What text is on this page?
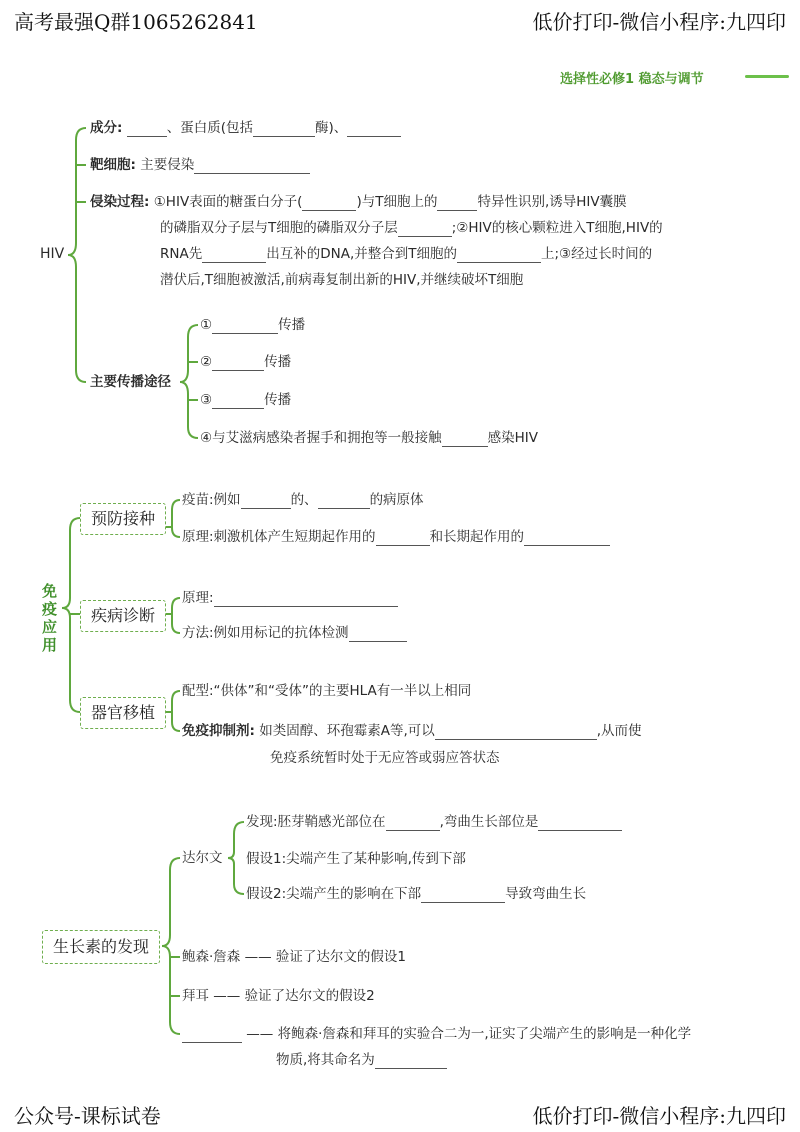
高考最强Q群1065262841	低价打印-微信小程序:九四印
选择性必修1 稳态与调节
公众号-课标试卷	低价打印-微信小程序:九四印
HIV
成分:	、蛋白质(包括	酶)、
靶细胞: 主要侵染
侵染过程: ①HIV表面的糖蛋白分子(	)与T细胞上的	特异性识别,诱导HIV囊膜
的磷脂双分子层与T细胞的磷脂双分子层	;②HIV的核心颗粒进入T细胞,HIV的
RNA先	出互补的DNA,并整合到T细胞的	上;③经过长时间的
潜伏后,T细胞被激活,前病毒复制出新的HIV,并继续破坏T细胞
主要传播途径
①	传播
②	传播
③	传播
④与艾滋病感染者握手和拥抱等一般接触	感染HIV
免疫应用
预防接种
疫苗:例如	的、	的病原体
原理:刺激机体产生短期起作用的	和长期起作用的
疾病诊断
原理:
方法:例如用标记的抗体检测
器官移植
配型:“供体”和“受体”的主要HLA有一半以上相同
免疫抑制剂: 如类固醇、环孢霉素A等,可以	,从而使
免疫系统暂时处于无应答或弱应答状态
生长素的发现
达尔文
发现:胚芽鞘感光部位在	,弯曲生长部位是
假设1:尖端产生了某种影响,传到下部
假设2:尖端产生的影响在下部	导致弯曲生长
鲍森·詹森 —— 验证了达尔文的假设1
拜耳 —— 验证了达尔文的假设2
—— 将鲍森·詹森和拜耳的实验合二为一,证实了尖端产生的影响是一种化学
物质,将其命名为
